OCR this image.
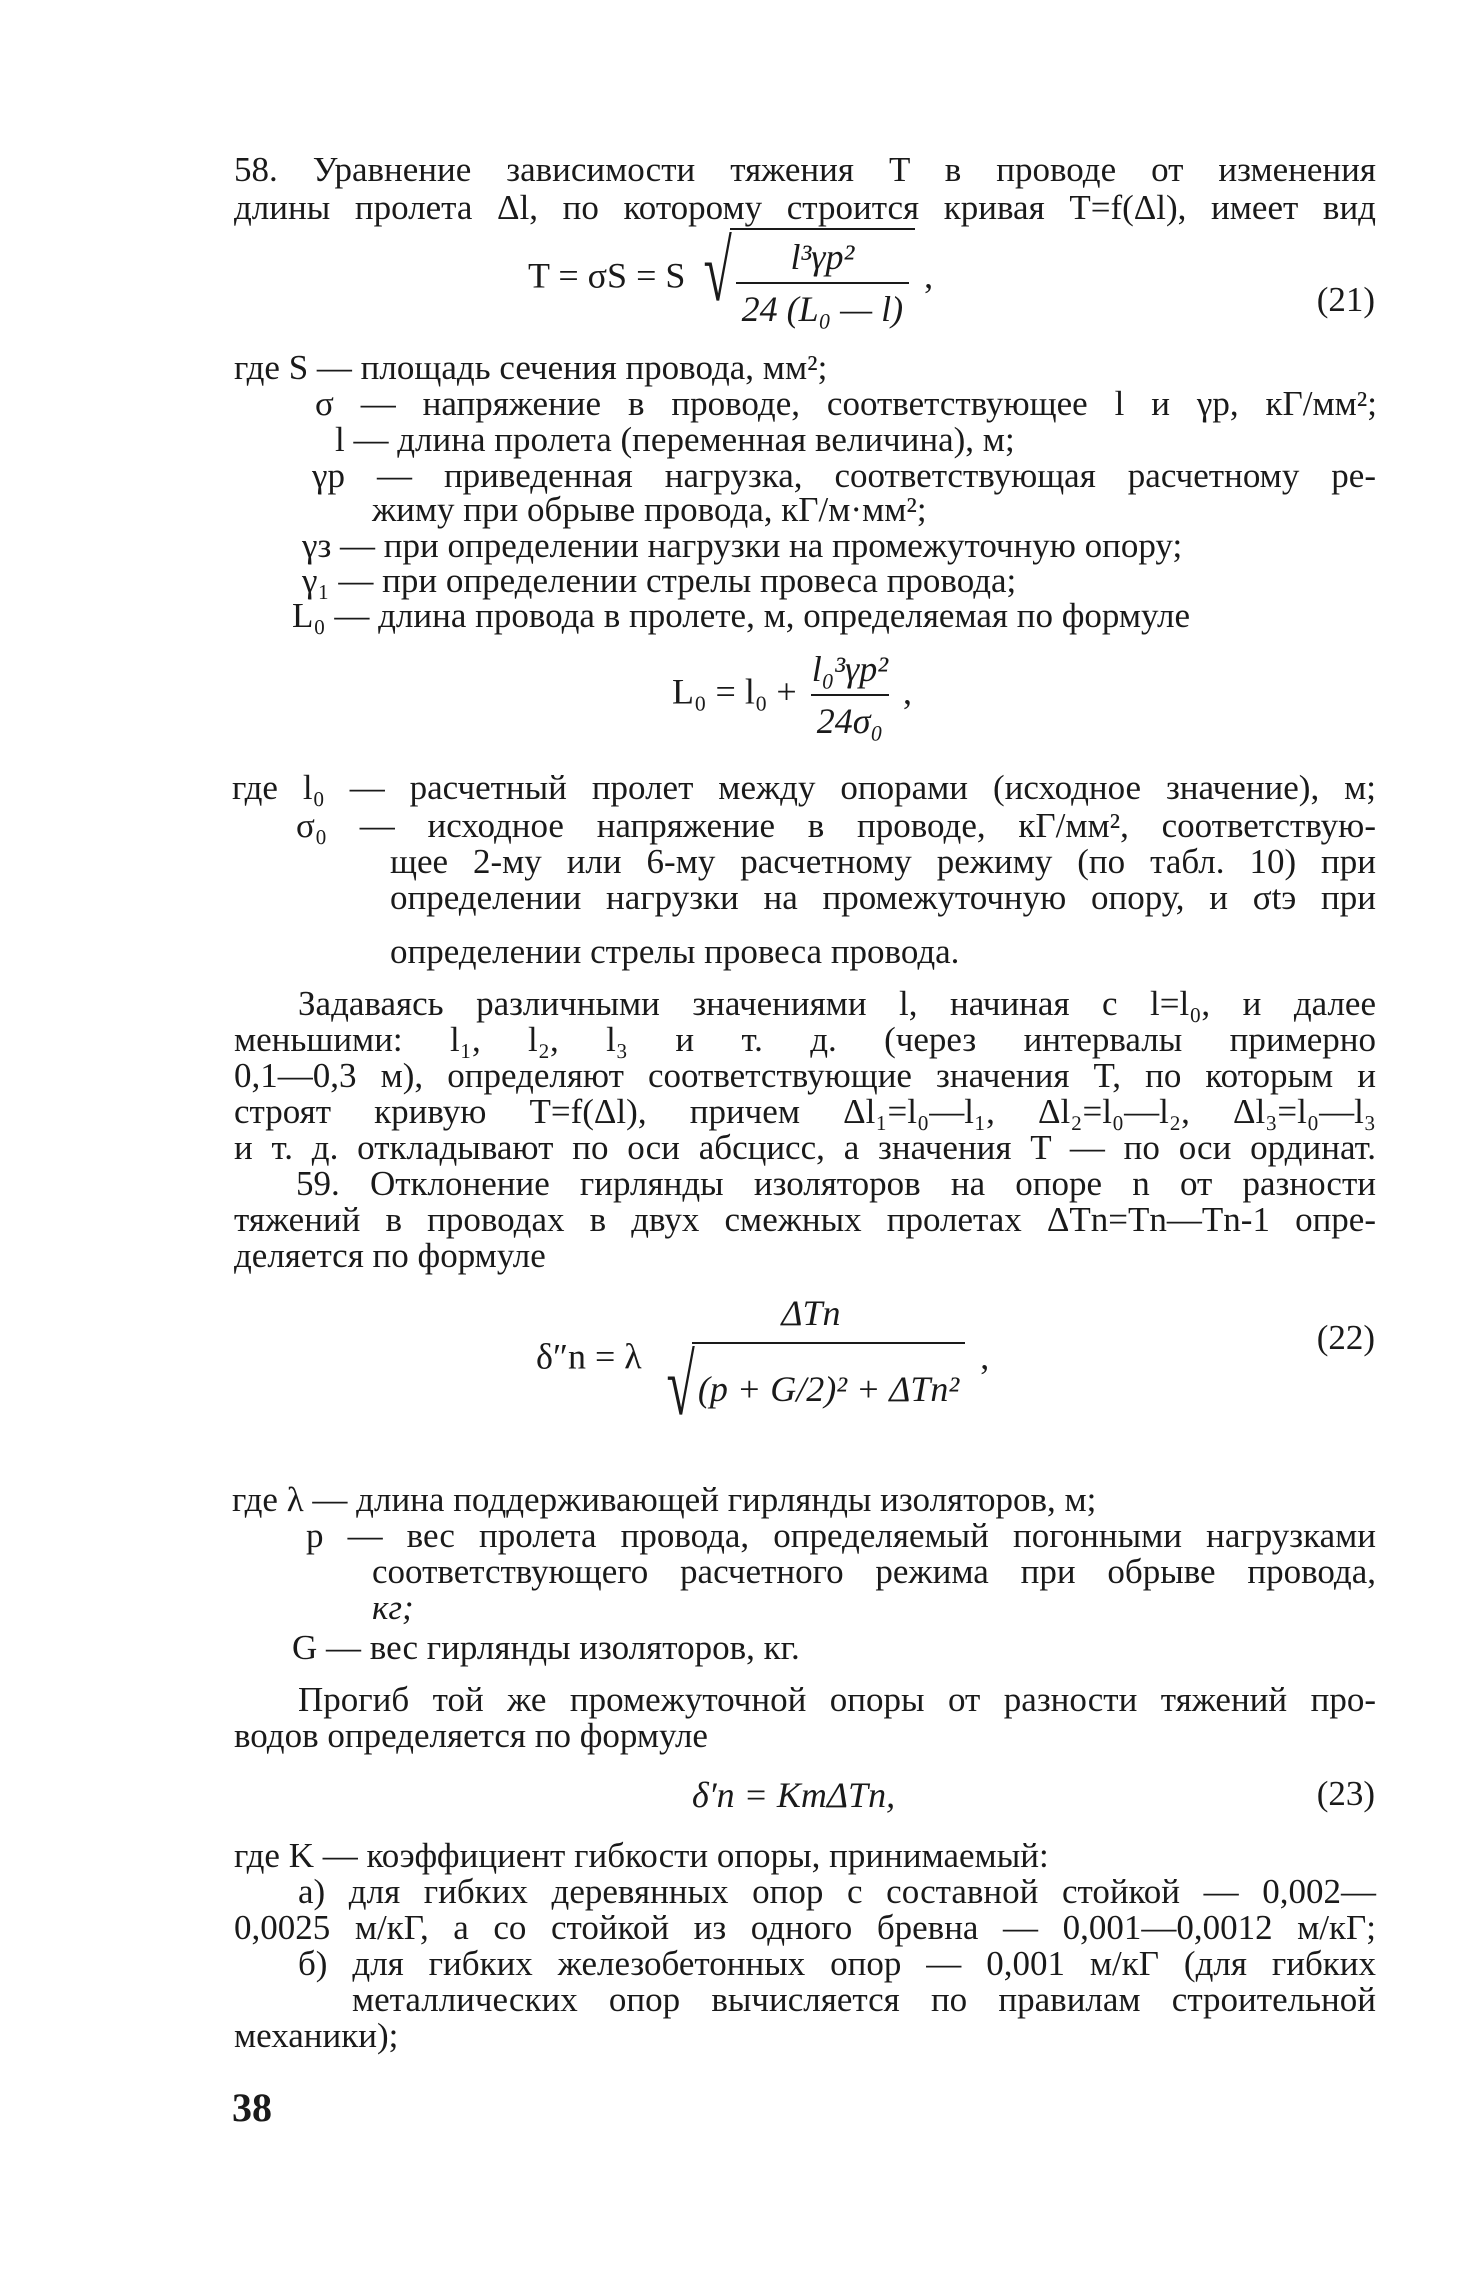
58. Уравнение зависимости тяжения T в проводе от изменения
длины пролета Δl, по которому строится кривая T=f(Δl), имеет вид
T = σS = S √ $\frac{\text{l³γp²}}{\text{24 (L₀ — l)}}$ ,
(21)
где S — площадь сечения провода, мм²;
σ — напряжение в проводе, соответствующее l и γp, кГ/мм²;
l — длина пролета (переменная величина), м;
γp — приведенная нагрузка, соответствующая расчетному ре-
жиму при обрыве провода, кГ/м·мм²;
γз — при определении нагрузки на промежуточную опору;
γ₁ — при определении стрелы провеса провода;
L₀ — длина провода в пролете, м, определяемая по формуле
$L_0 = l_0 + \frac{\text{l₀³γp²}}{\text{24σ₀}}$ ,
где l₀ — расчетный пролет между опорами (исходное значение), м;
σ₀ — исходное напряжение в проводе, кГ/мм², соответствую-
щее 2-му или 6-му расчетному режиму (по табл. 10) при
определении нагрузки на промежуточную опору, и σtэ при
определении стрелы провеса провода.
Задаваясь различными значениями l, начиная с l=l₀, и далее
меньшими: l₁, l₂, l₃ и т. д. (через интервалы примерно
0,1—0,3 м), определяют соответствующие значения T, по которым и
строят кривую T=f(Δl), причем Δl₁=l₀—l₁, Δl₂=l₀—l₂, Δl₃=l₀—l₃
и т. д. откладывают по оси абсцисс, а значения T — по оси ординат.
59. Отклонение гирлянды изоляторов на опоре n от разности
тяжений в проводах в двух смежных пролетах ΔTn=Tn—Tn-1 опре-
деляется по формуле
δ″n = λ
ΔTn
√ (p + G/2)² + ΔTn²
,	(22)
где λ — длина поддерживающей гирлянды изоляторов, м;
p — вес пролета провода, определяемый погонными нагрузками
соответствующего расчетного режима при обрыве провода,
кг;
G — вес гирлянды изоляторов, кг.
Прогиб той же промежуточной опоры от разности тяжений про-
водов определяется по формуле
δ′n = KmΔTn,	(23)
где K — коэффициент гибкости опоры, принимаемый:
а) для гибких деревянных опор с составной стойкой — 0,002—
0,0025 м/кГ, а со стойкой из одного бревна — 0,001—0,0012 м/кГ;
б) для гибких железобетонных опор — 0,001 м/кГ (для гибких
металлических опор вычисляется по правилам строительной
механики);
38
